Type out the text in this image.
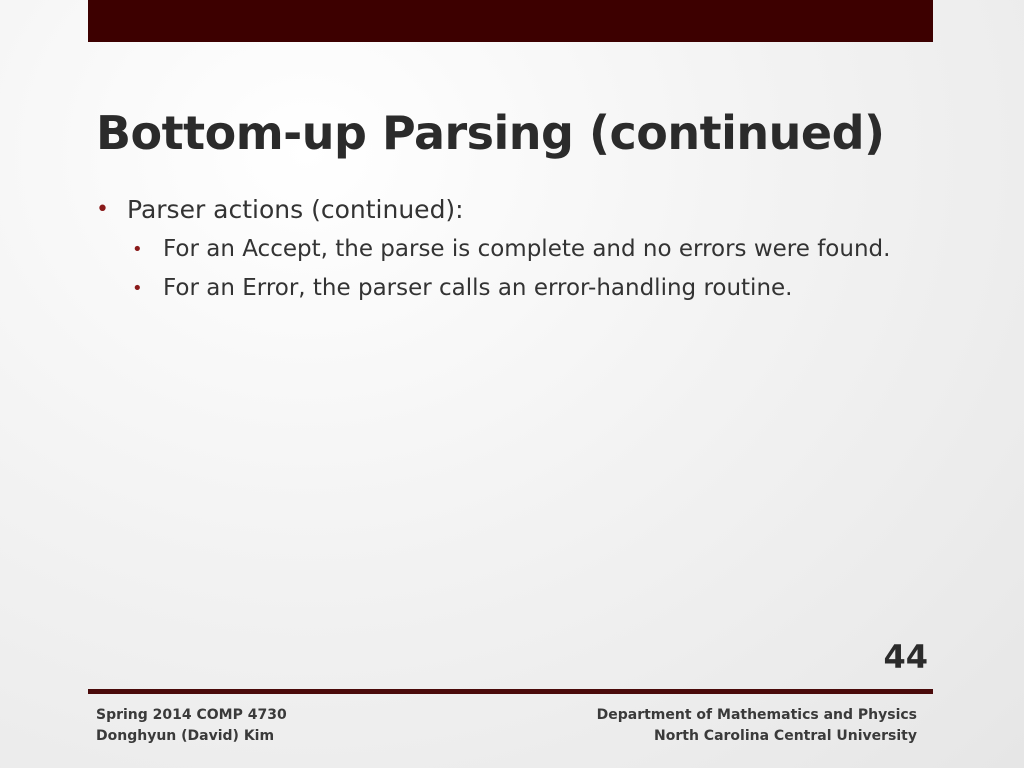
Bottom-up Parsing (continued)
• Parser actions (continued):
• For an Accept, the parse is complete and no errors were found.
• For an Error, the parser calls an error-handling routine.
44
Spring 2014 COMP 4730
Donghyun (David) Kim
Department of Mathematics and Physics
North Carolina Central University
